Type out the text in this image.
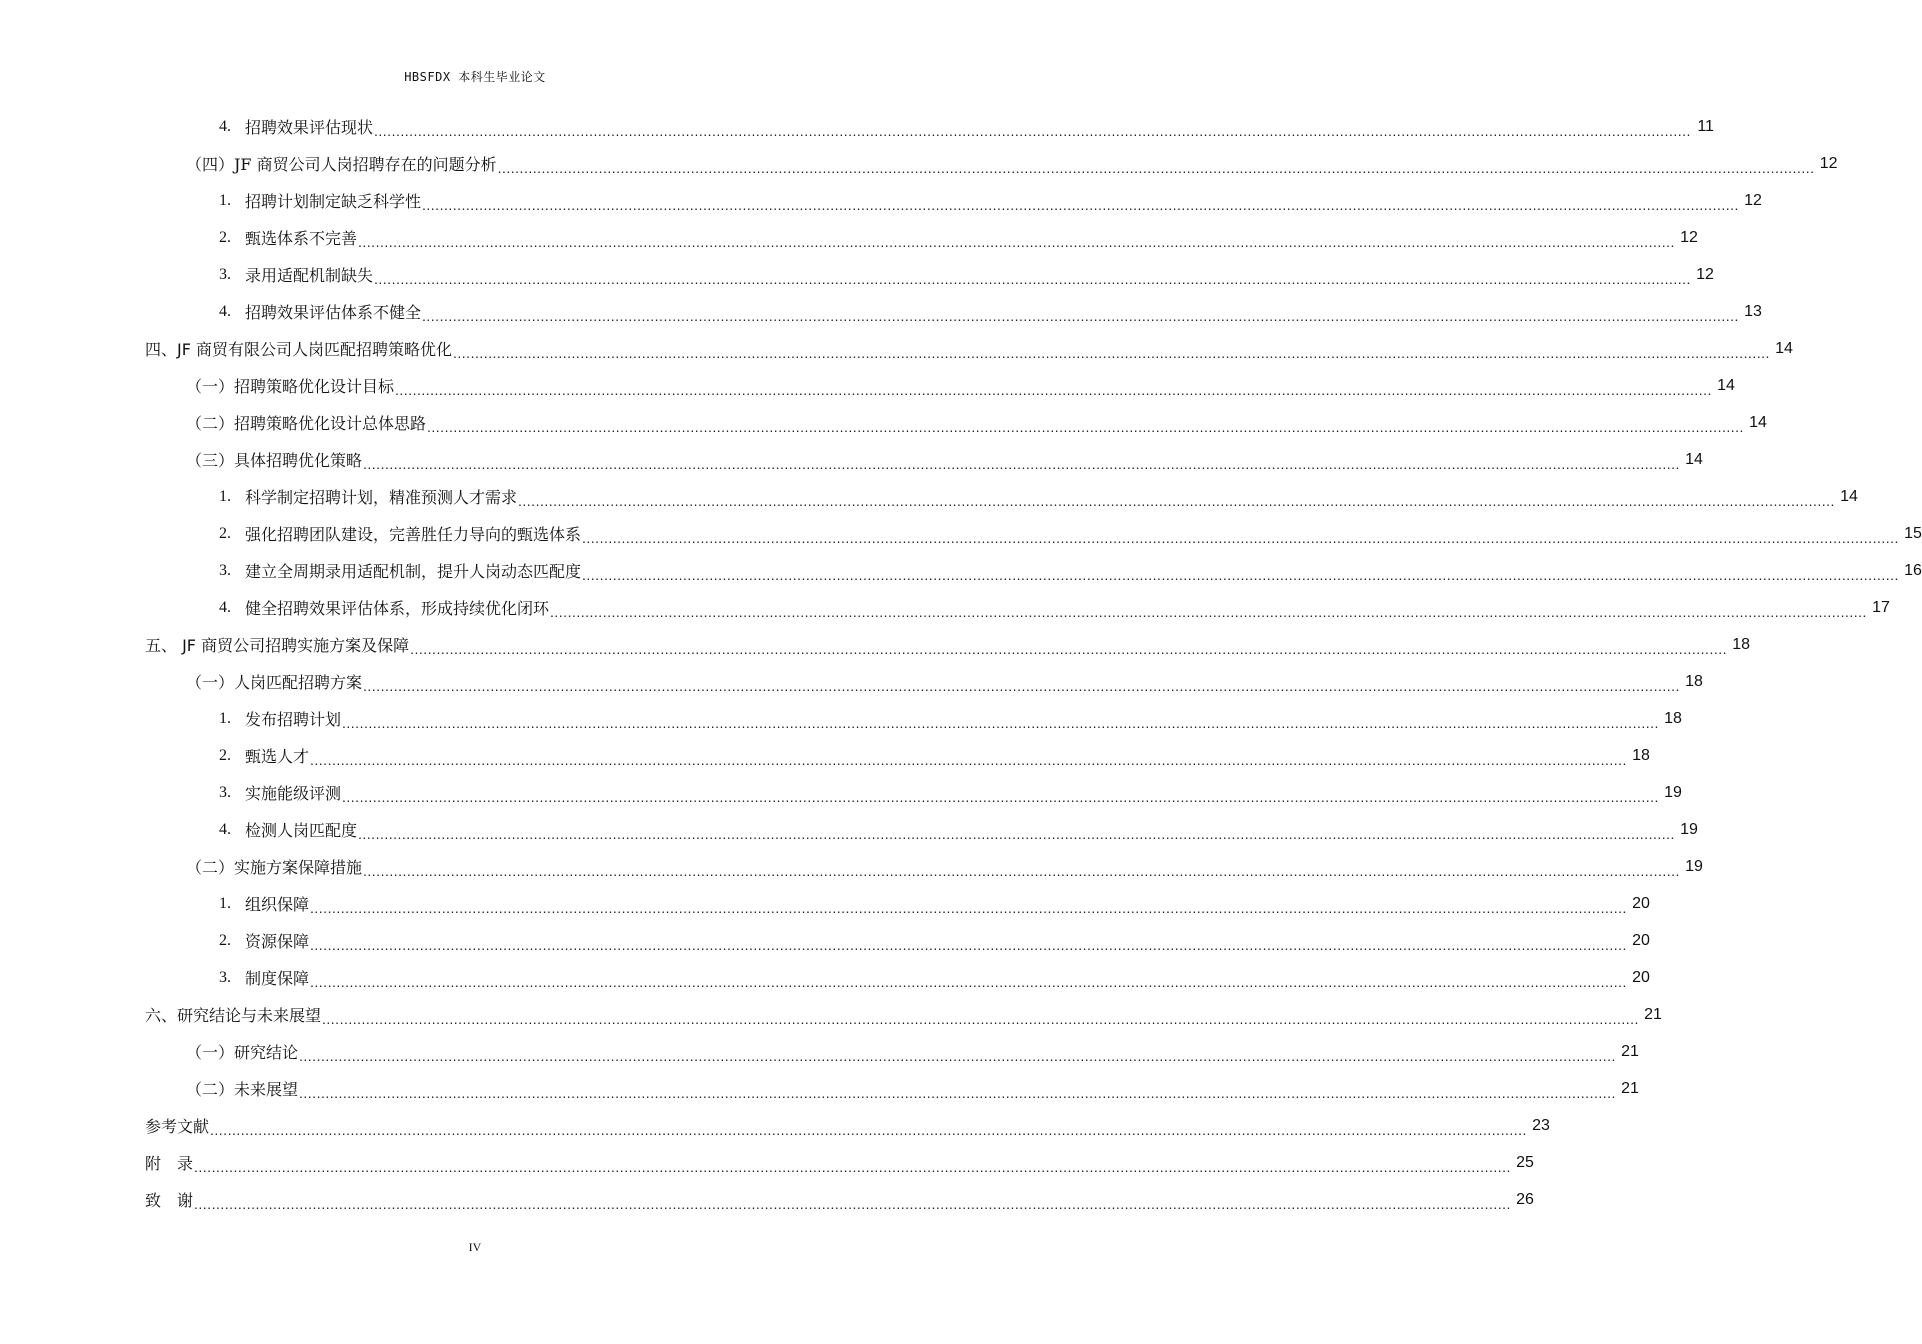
HBSFDX 本科生毕业论文
4. 招聘效果评估现状 ............................................................................................................................................................................................................................................................................................................ 11
（四）JF 商贸公司人岗招聘存在的问题分析 ............................................................................................................................................................................................................................................................................................................ 12
1. 招聘计划制定缺乏科学性 ............................................................................................................................................................................................................................................................................................................ 12
2. 甄选体系不完善 ............................................................................................................................................................................................................................................................................................................ 12
3. 录用适配机制缺失 ............................................................................................................................................................................................................................................................................................................ 12
4. 招聘效果评估体系不健全 ............................................................................................................................................................................................................................................................................................................ 13
四、JF 商贸有限公司人岗匹配招聘策略优化 ............................................................................................................................................................................................................................................................................................................ 14
（一）招聘策略优化设计目标 ............................................................................................................................................................................................................................................................................................................ 14
（二）招聘策略优化设计总体思路 ............................................................................................................................................................................................................................................................................................................ 14
（三）具体招聘优化策略 ............................................................................................................................................................................................................................................................................................................ 14
1. 科学制定招聘计划，精准预测人才需求 ............................................................................................................................................................................................................................................................................................................ 14
2. 强化招聘团队建设，完善胜任力导向的甄选体系 ............................................................................................................................................................................................................................................................................................................ 15
3. 建立全周期录用适配机制，提升人岗动态匹配度 ............................................................................................................................................................................................................................................................................................................ 16
4. 健全招聘效果评估体系，形成持续优化闭环 ............................................................................................................................................................................................................................................................................................................ 17
五、 JF 商贸公司招聘实施方案及保障 ............................................................................................................................................................................................................................................................................................................ 18
（一）人岗匹配招聘方案 ............................................................................................................................................................................................................................................................................................................ 18
1. 发布招聘计划 ............................................................................................................................................................................................................................................................................................................ 18
2. 甄选人才 ............................................................................................................................................................................................................................................................................................................ 18
3. 实施能级评测 ............................................................................................................................................................................................................................................................................................................ 19
4. 检测人岗匹配度 ............................................................................................................................................................................................................................................................................................................ 19
（二）实施方案保障措施 ............................................................................................................................................................................................................................................................................................................ 19
1. 组织保障 ............................................................................................................................................................................................................................................................................................................ 20
2. 资源保障 ............................................................................................................................................................................................................................................................................................................ 20
3. 制度保障 ............................................................................................................................................................................................................................................................................................................ 20
六、研究结论与未来展望 ............................................................................................................................................................................................................................................................................................................ 21
（一）研究结论 ............................................................................................................................................................................................................................................................................................................ 21
（二）未来展望 ............................................................................................................................................................................................................................................................................................................ 21
参考文献 ............................................................................................................................................................................................................................................................................................................ 23
附　录 ............................................................................................................................................................................................................................................................................................................ 25
致　谢 ............................................................................................................................................................................................................................................................................................................ 26
IV
